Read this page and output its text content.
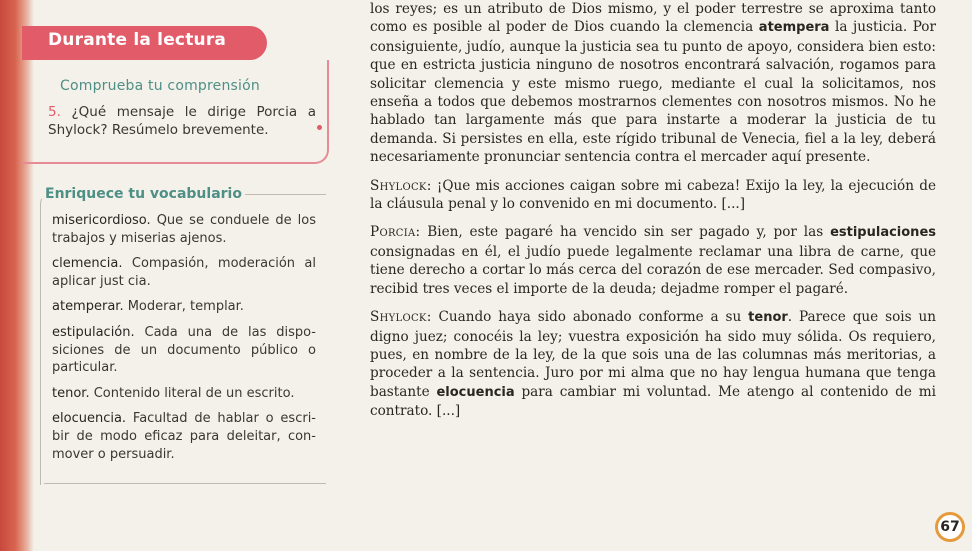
Durante la lectura
Comprueba tu comprensión
5. ¿Qué mensaje le dirige Porcia a Shylock? Resúmelo brevemente.
Enriquece tu vocabulario
misericordioso. Que se conduele de los trabajos y miserias ajenos.
clemencia. Compasión, moderación al aplicar just cia.
atemperar. Moderar, templar.
estipulación. Cada una de las dispo-siciones de un documento público o particular.
tenor. Contenido literal de un escrito.
elocuencia. Facultad de hablar o escri-bir de modo eficaz para deleitar, con-mover o persuadir.

los reyes; es un atributo de Dios mismo, y el poder terrestre se aproxima tanto como es posible al poder de Dios cuando la clemencia atempera la justicia. Por consiguiente, judío, aunque la justicia sea tu punto de apoyo, considera bien esto: que en estricta justicia ninguno de nosotros encontrará salvación, rogamos para solicitar clemencia y este mismo ruego, mediante el cual la solicitamos, nos enseña a todos que debemos mostrarnos clementes con nosotros mismos. No he hablado tan largamente más que para instarte a moderar la justicia de tu demanda. Si persistes en ella, este rígido tribunal de Venecia, fiel a la ley, deberá necesariamente pronunciar sentencia contra el mercader aquí presente.

Shylock: ¡Que mis acciones caigan sobre mi cabeza! Exijo la ley, la ejecución de la cláusula penal y lo convenido en mi documento. [...]

Porcia: Bien, este pagaré ha vencido sin ser pagado y, por las estipulaciones consignadas en él, el judío puede legalmente reclamar una libra de carne, que tiene derecho a cortar lo más cerca del corazón de ese mercader. Sed compasivo, recibid tres veces el importe de la deuda; dejadme romper el pagaré.

Shylock: Cuando haya sido abonado conforme a su tenor. Parece que sois un digno juez; conocéis la ley; vuestra exposición ha sido muy sólida. Os requiero, pues, en nombre de la ley, de la que sois una de las columnas más meritorias, a proceder a la sentencia. Juro por mi alma que no hay lengua humana que tenga bastante elocuencia para cambiar mi voluntad. Me atengo al contenido de mi contrato. [...]

67
